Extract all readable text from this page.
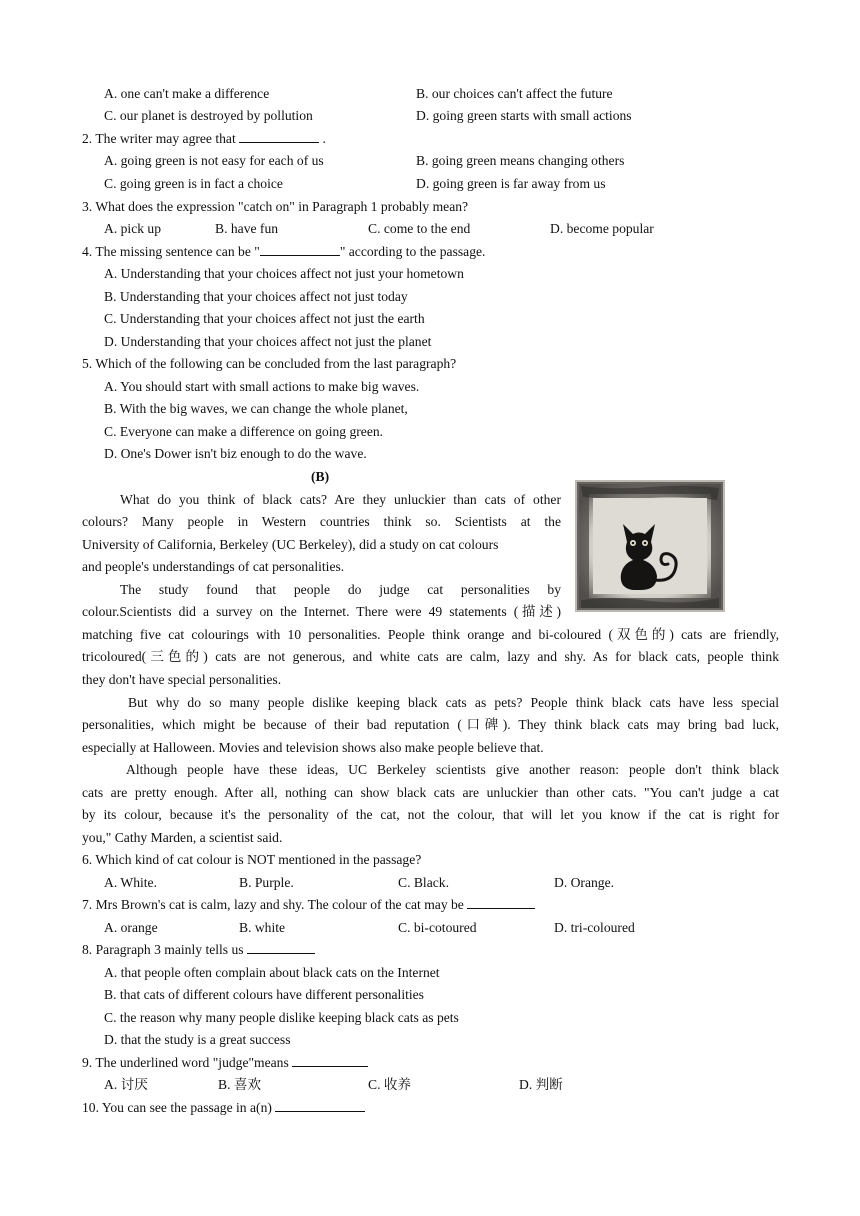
A. one can't make a difference	B. our choices can't affect the future
C. our planet is destroyed by pollution	D. going green starts with small actions
2. The writer may agree that	.
A. going green is not easy for each of us	B. going green means changing others
C. going green is in fact a choice	D. going green is far away from us
3. What does the expression "catch on" in Paragraph 1 probably mean?
A. pick up	B. have fun	C. come to the end	D. become popular
4. The missing sentence can be "	" according to the passage.
A. Understanding that your choices affect not just your hometown
B. Understanding that your choices affect not just today
C. Understanding that your choices affect not just the earth
D. Understanding that your choices affect not just the planet
5. Which of the following can be concluded from the last paragraph?
A. You should start with small actions to make big waves.
B. With the big waves, we can change the whole planet,
C. Everyone can make a difference on going green.
D. One's Dower isn't biz enough to do the wave.
(B)
What do you think of black cats? Are they unluckier than cats of other
colours? Many people in Western countries think so. Scientists at the
University of California, Berkeley (UC Berkeley), did a study on cat colours
and people's understandings of cat personalities.
The study found that people do judge cat personalities by
colour.Scientists did a survey on the Internet. There were 49 statements (描述)
matching five cat colourings with 10 personalities. People think orange and bi-coloured (双色的) cats are friendly,
tricoloured(三色的) cats are not generous, and white cats are calm, lazy and shy. As for black cats, people think
they don't have special personalities.
But why do so many people dislike keeping black cats as pets? People think black cats have less special
personalities, which might be because of their bad reputation (口碑). They think black cats may bring bad luck,
especially at Halloween. Movies and television shows also make people believe that.
Although people have these ideas, UC Berkeley scientists give another reason: people don't think black
cats are pretty enough. After all, nothing can show black cats are unluckier than other cats. "You can't judge a cat
by its colour, because it's the personality of the cat, not the colour, that will let you know if the cat is right for
you," Cathy Marden, a scientist said.
6. Which kind of cat colour is NOT mentioned in the passage?
A. White.	B. Purple.	C. Black.	D. Orange.
7. Mrs Brown's cat is calm, lazy and shy. The colour of the cat may be
A. orange	B. white	C. bi-cotoured	D. tri-coloured
8. Paragraph 3 mainly tells us
A. that people often complain about black cats on the Internet
B. that cats of different colours have different personalities
C. the reason why many people dislike keeping black cats as pets
D. that the study is a great success
9. The underlined word "judge"means
A. 讨厌	B. 喜欢	C. 收养	D. 判断
10. You can see the passage in a(n)
